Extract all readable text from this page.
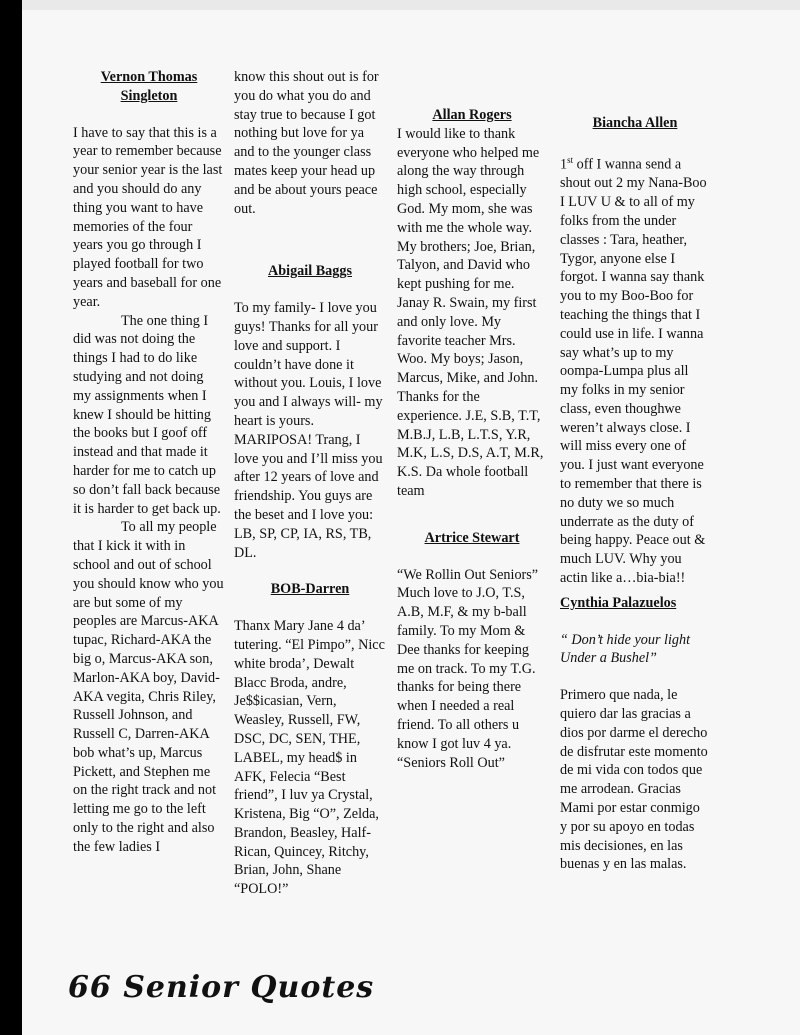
Vernon Thomas
Singleton

I have to say that this is a year to remember because your senior year is the last and you should do any thing you want to have memories of the four years you go through I played football for two years and baseball for one year.

The one thing I did was not doing the things I had to do like studying and not doing my assignments when I knew I should be hitting the books but I goof off instead and that made it harder for me to catch up so don’t fall back because it is harder to get back up.

To all my people that I kick it with in school and out of school you should know who you are but some of my peoples are Marcus-AKA tupac, Richard-AKA the big o, Marcus-AKA son, Marlon-AKA boy, David-AKA vegita, Chris Riley, Russell Johnson, and Russell C, Darren-AKA bob what’s up, Marcus Pickett, and Stephen me on the right track and not letting me go to the left only to the right and also the few ladies I

know this shout out is for you do what you do and stay true to because I got nothing but love for ya and to the younger class mates keep your head up and be about yours peace out.

Abigail Baggs

To my family- I love you guys! Thanks for all your love and support. I couldn’t have done it without you. Louis, I love you and I always will- my heart is yours. MARIPOSA! Trang, I love you and I’ll miss you after 12 years of love and friendship. You guys are the beset and I love you: LB, SP, CP, IA, RS, TB, DL.

BOB-Darren

Thanx Mary Jane 4 da’ tutering. “El Pimpo”, Nicc white broda’, Dewalt Blacc Broda, andre, Je$$icasian, Vern, Weasley, Russell, FW, DSC, DC, SEN, THE, LABEL, my head$ in AFK, Felecia “Best friend”, I luv ya Crystal, Kristena, Big “O”, Zelda, Brandon, Beasley, Half-Rican, Quincey, Ritchy, Brian, John, Shane “POLO!”

Allan Rogers

I would like to thank everyone who helped me along the way through high school, especially God. My mom, she was with me the whole way. My brothers; Joe, Brian, Talyon, and David who kept pushing for me. Janay R. Swain, my first and only love. My favorite teacher Mrs. Woo. My boys; Jason, Marcus, Mike, and John. Thanks for the experience. J.E, S.B, T.T, M.B.J, L.B, L.T.S, Y.R, M.K, L.S, D.S, A.T, M.R, K.S. Da whole football team

Artrice Stewart

“We Rollin Out Seniors” Much love to J.O, T.S, A.B, M.F, & my b-ball family. To my Mom & Dee thanks for keeping me on track. To my T.G. thanks for being there when I needed a real friend. To all others u know I got luv 4 ya. “Seniors Roll Out”

Biancha Allen

1st off I wanna send a shout out 2 my Nana-Boo I LUV U & to all of my folks from the under classes : Tara, heather, Tygor, anyone else I forgot. I wanna say thank you to my Boo-Boo for teaching the things that I could use in life. I wanna say what’s up to my oompa-Lumpa plus all my folks in my senior class, even thoughwe weren’t always close. I will miss every one of you. I just want everyone to remember that there is no duty we so much underrate as the duty of being happy. Peace out & much LUV. Why you actin like a…bia-bia!!

Cynthia Palazuelos

“ Don’t hide your light Under a Bushel”

Primero que nada, le quiero dar las gracias a dios por darme el derecho de disfrutar este momento de mi vida con todos que me arrodean. Gracias Mami por estar conmigo y por su apoyo en todas mis decisiones, en las buenas y en las malas.

66 Senior Quotes
